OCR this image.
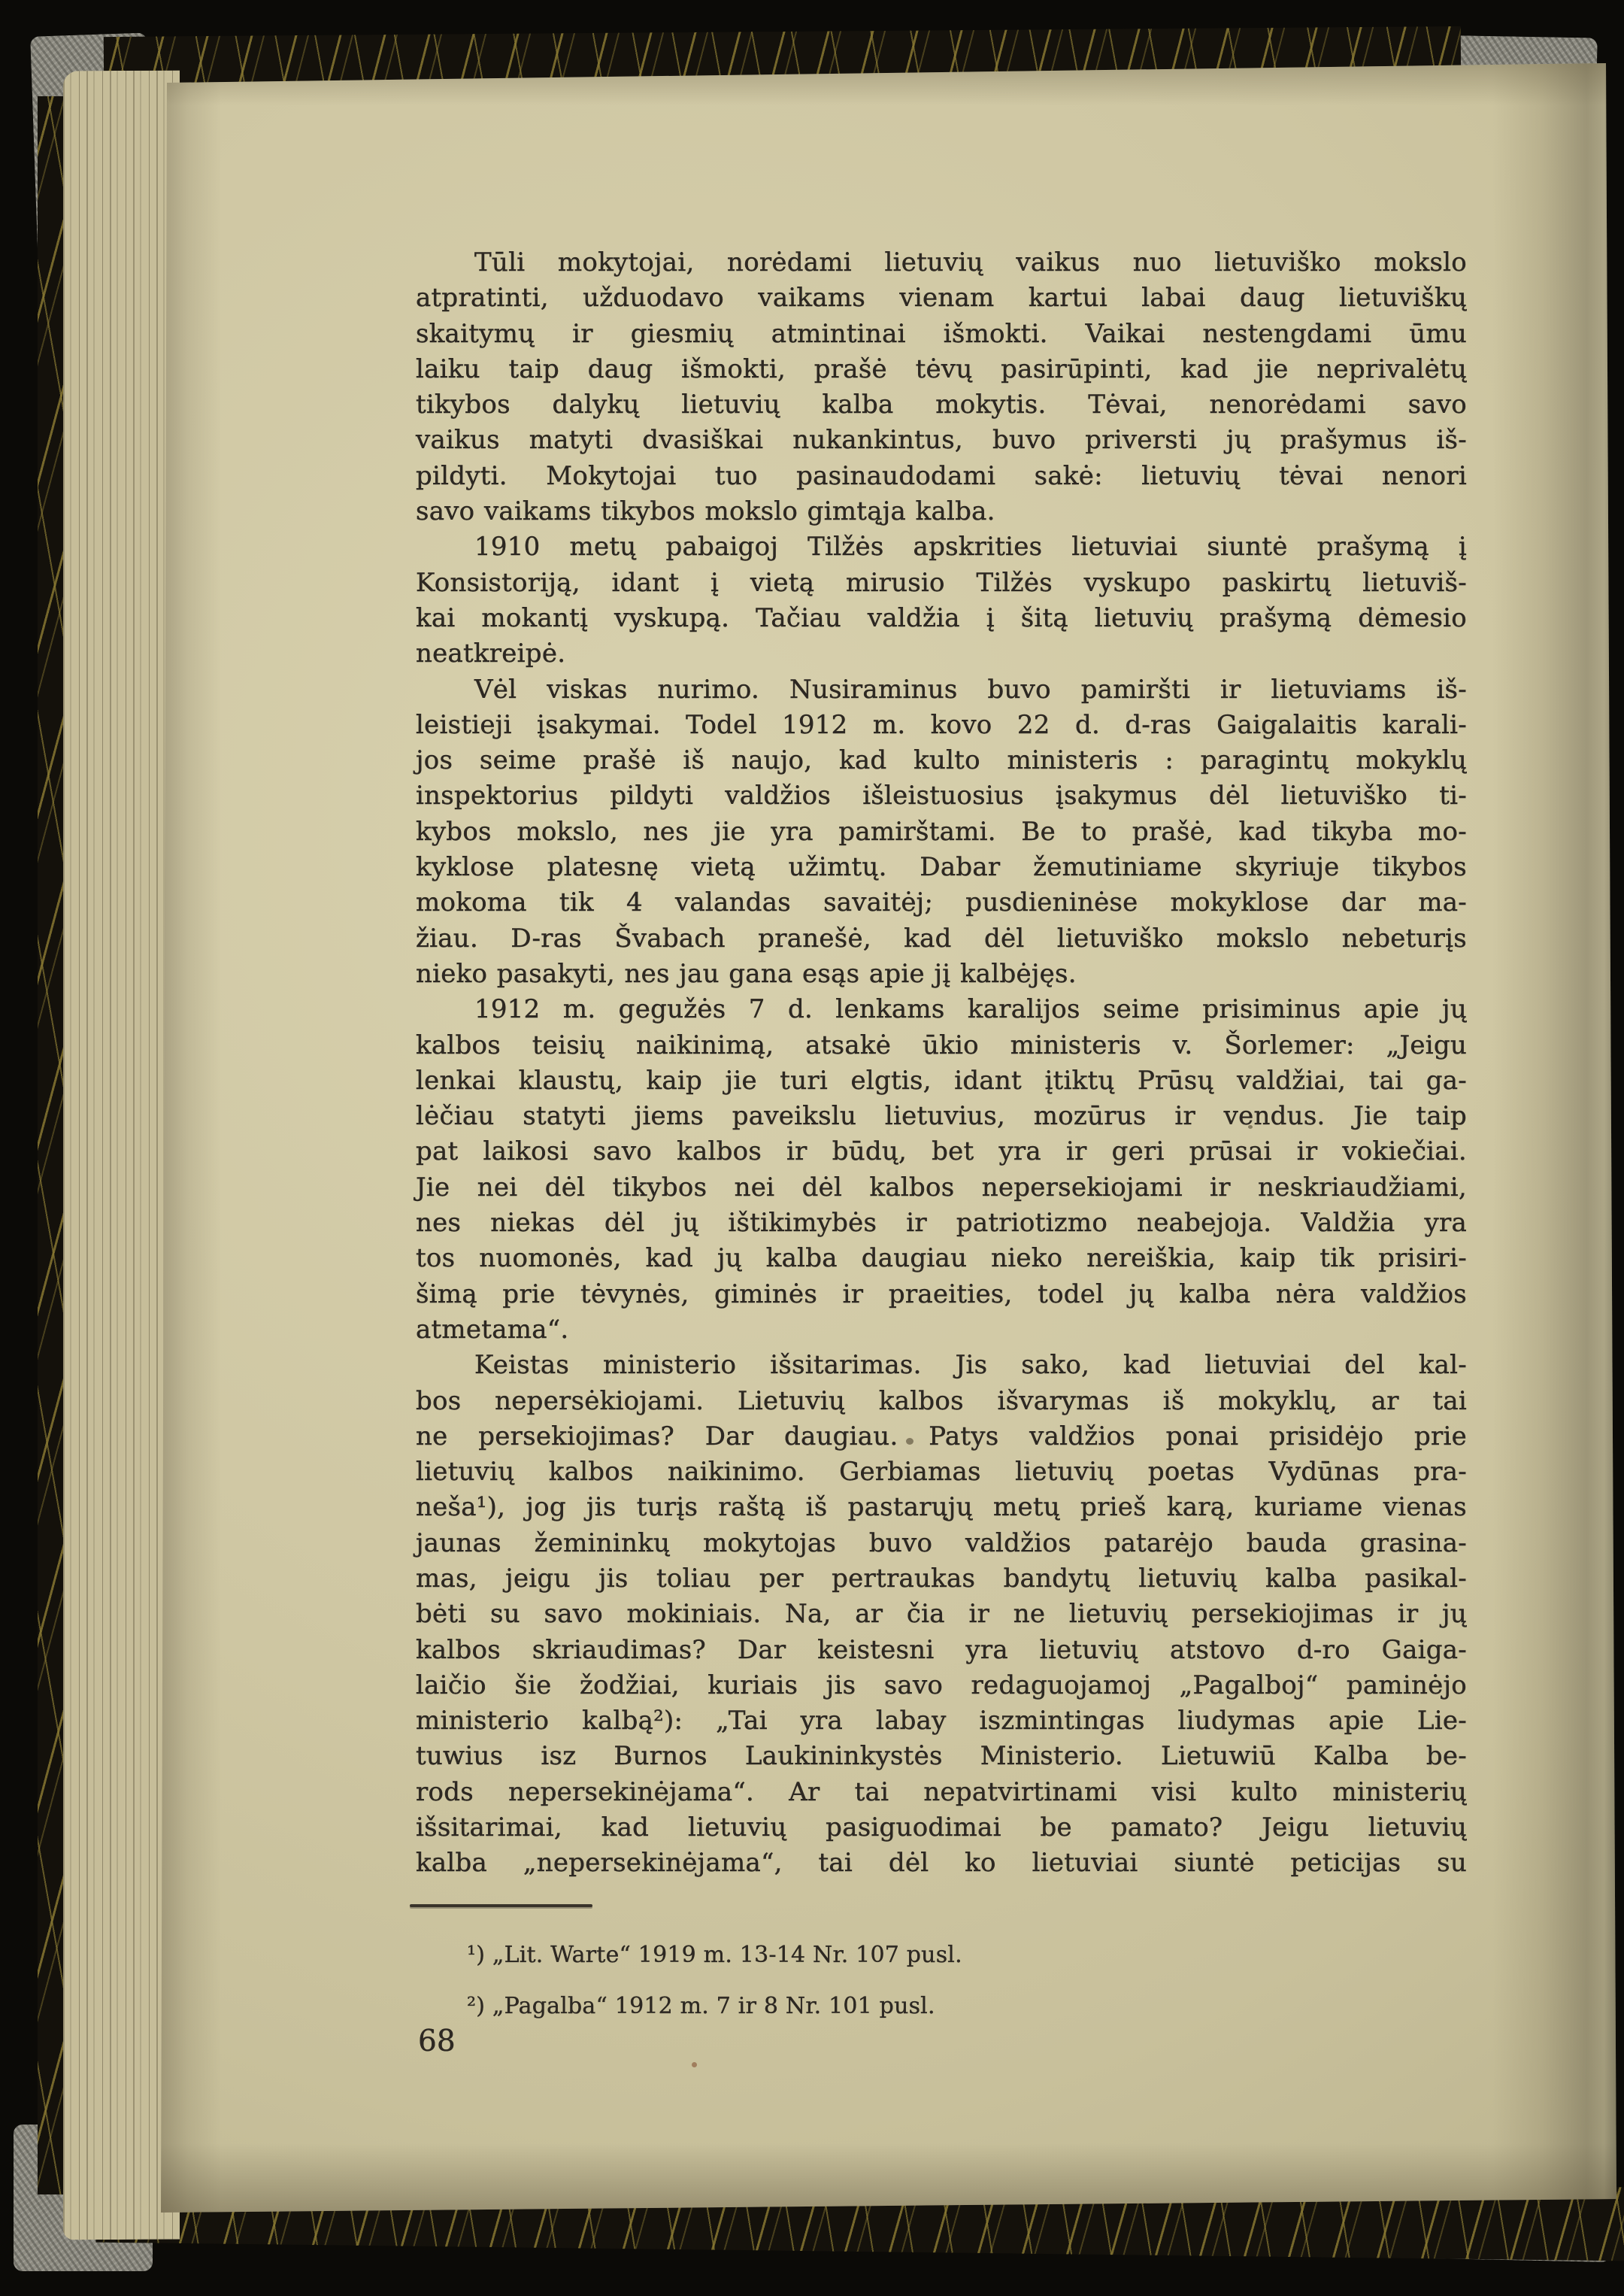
Tūli mokytojai, norėdami lietuvių vaikus nuo lietuviško mokslo
atpratinti, užduodavo vaikams vienam kartui labai daug lietuviškų
skaitymų ir giesmių atmintinai išmokti. Vaikai nestengdami ūmu
laiku taip daug išmokti, prašė tėvų pasirūpinti, kad jie neprivalėtų
tikybos dalykų lietuvių kalba mokytis. Tėvai, nenorėdami savo
vaikus matyti dvasiškai nukankintus, buvo priversti jų prašymus iš-
pildyti. Mokytojai tuo pasinaudodami sakė: lietuvių tėvai nenori
savo vaikams tikybos mokslo gimtąja kalba.
1910 metų pabaigoj Tilžės apskrities lietuviai siuntė prašymą į
Konsistoriją, idant į vietą mirusio Tilžės vyskupo paskirtų lietuviš-
kai mokantį vyskupą. Tačiau valdžia į šitą lietuvių prašymą dėmesio
neatkreipė.
Vėl viskas nurimo. Nusiraminus buvo pamiršti ir lietuviams iš-
leistieji įsakymai. Todel 1912 m. kovo 22 d. d-ras Gaigalaitis karali-
jos seime prašė iš naujo, kad kulto ministeris : paragintų mokyklų
inspektorius pildyti valdžios išleistuosius įsakymus dėl lietuviško ti-
kybos mokslo, nes jie yra pamirštami. Be to prašė, kad tikyba mo-
kyklose platesnę vietą užimtų. Dabar žemutiniame skyriuje tikybos
mokoma tik 4 valandas savaitėj; pusdieninėse mokyklose dar ma-
žiau. D-ras Švabach pranešė, kad dėl lietuviško mokslo nebeturįs
nieko pasakyti, nes jau gana esąs apie jį kalbėjęs.
1912 m. gegužės 7 d. lenkams karalijos seime prisiminus apie jų
kalbos teisių naikinimą, atsakė ūkio ministeris v. Šorlemer: „Jeigu
lenkai klaustų, kaip jie turi elgtis, idant įtiktų Prūsų valdžiai, tai ga-
lėčiau statyti jiems paveikslu lietuvius, mozūrus ir vendus. Jie taip
pat laikosi savo kalbos ir būdų, bet yra ir geri prūsai ir vokiečiai.
Jie nei dėl tikybos nei dėl kalbos nepersekiojami ir neskriaudžiami,
nes niekas dėl jų ištikimybės ir patriotizmo neabejoja. Valdžia yra
tos nuomonės, kad jų kalba daugiau nieko nereiškia, kaip tik prisiri-
šimą prie tėvynės, giminės ir praeities, todel jų kalba nėra valdžios
atmetama“.
Keistas ministerio išsitarimas. Jis sako, kad lietuviai del kal-
bos nepersėkiojami. Lietuvių kalbos išvarymas iš mokyklų, ar tai
ne persekiojimas? Dar daugiau. Patys valdžios ponai prisidėjo prie
lietuvių kalbos naikinimo. Gerbiamas lietuvių poetas Vydūnas pra-
neša¹), jog jis turįs raštą iš pastarųjų metų prieš karą, kuriame vienas
jaunas žemininkų mokytojas buvo valdžios patarėjo bauda grasina-
mas, jeigu jis toliau per pertraukas bandytų lietuvių kalba pasikal-
bėti su savo mokiniais. Na, ar čia ir ne lietuvių persekiojimas ir jų
kalbos skriaudimas? Dar keistesni yra lietuvių atstovo d-ro Gaiga-
laičio šie žodžiai, kuriais jis savo redaguojamoj „Pagalboj“ paminėjo
ministerio kalbą²): „Tai yra labay iszmintingas liudymas apie Lie-
tuwius isz Burnos Laukininkystės Ministerio. Lietuwiū Kalba be-
rods nepersekinėjama“. Ar tai nepatvirtinami visi kulto ministerių
išsitarimai, kad lietuvių pasiguodimai be pamato? Jeigu lietuvių
kalba „nepersekinėjama“, tai dėl ko lietuviai siuntė peticijas su
¹) „Lit. Warte“ 1919 m. 13-14 Nr. 107 pusl.
²) „Pagalba“ 1912 m. 7 ir 8 Nr. 101 pusl.
68
